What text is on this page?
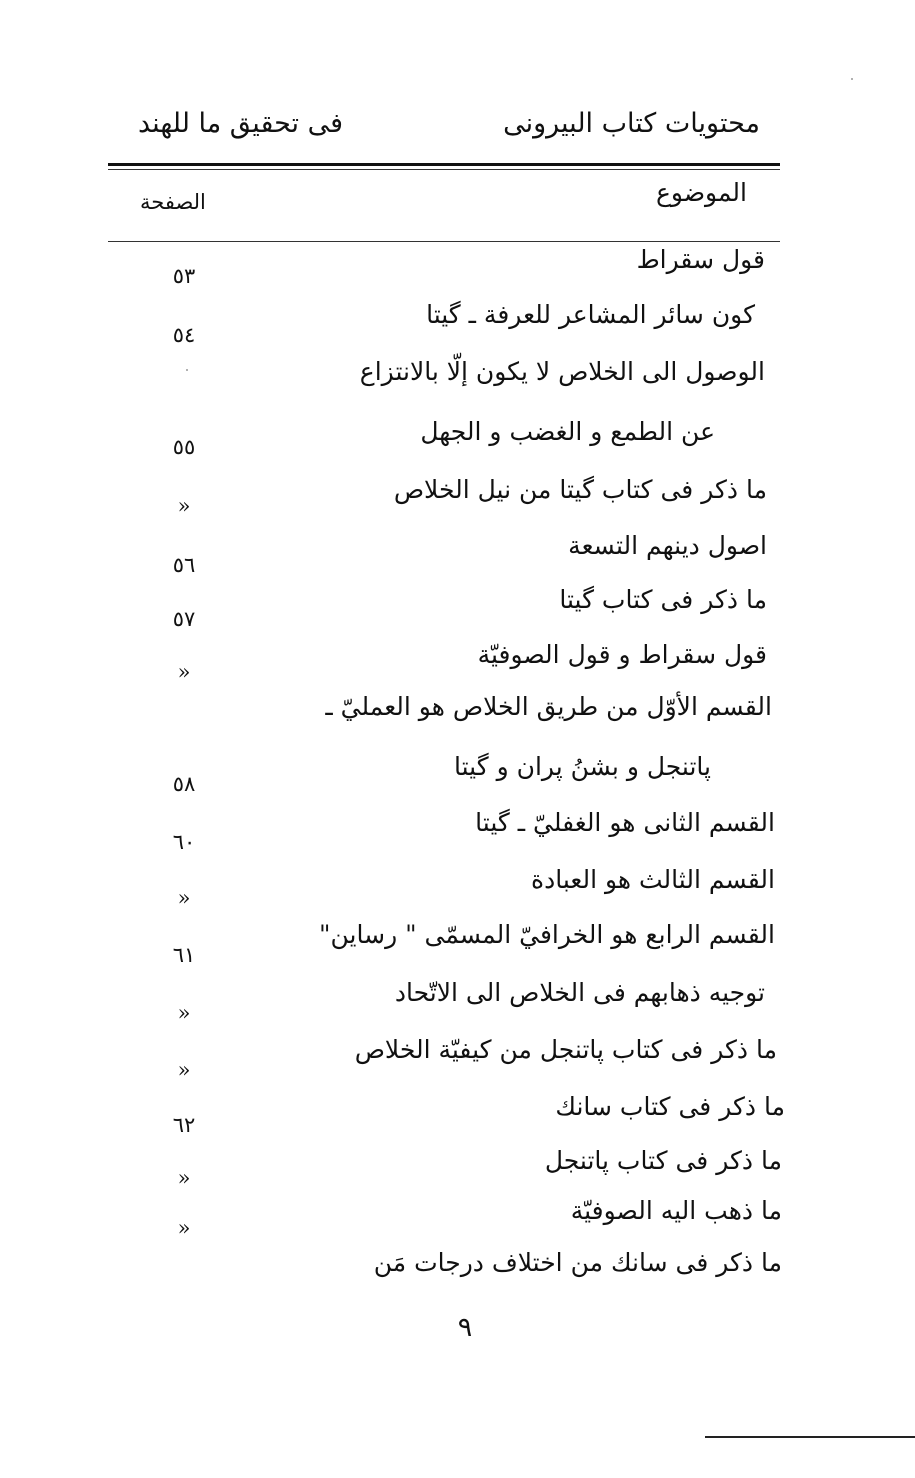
محتويات كتاب البيرونى
فى تحقيق ما للهند
الموضوع
الصفحة
قول سقراط
٥٣
كون سائر المشاعر للعرفة ـ گيتا
٥٤
الوصول الى الخلاص لا يكون إلّا بالانتزاع
عن الطمع و الغضب و الجهل
٥٥
ما ذكر فى كتاب گيتا من نيل الخلاص
»
اصول دينهم التسعة
٥٦
ما ذكر فى كتاب گيتا
٥٧
قول سقراط و قول الصوفيّة
»
القسم الأوّل من طريق الخلاص هو العمليّ ـ
پاتنجل و بشنُ پران و گيتا
٥٨
القسم الثانى هو الغفليّ ـ گيتا
٦٠
القسم الثالث هو العبادة
»
القسم الرابع هو الخرافيّ المسمّى " رساين"
٦١
توجيه ذهابهم فى الخلاص الى الاتّحاد
»
ما ذكر فى كتاب پاتنجل من كيفيّة الخلاص
»
ما ذكر فى كتاب سانك
٦٢
ما ذكر فى كتاب پاتنجل
»
ما ذهب اليه الصوفيّة
»
ما ذكر فى سانك من اختلاف درجات مَن
٩
